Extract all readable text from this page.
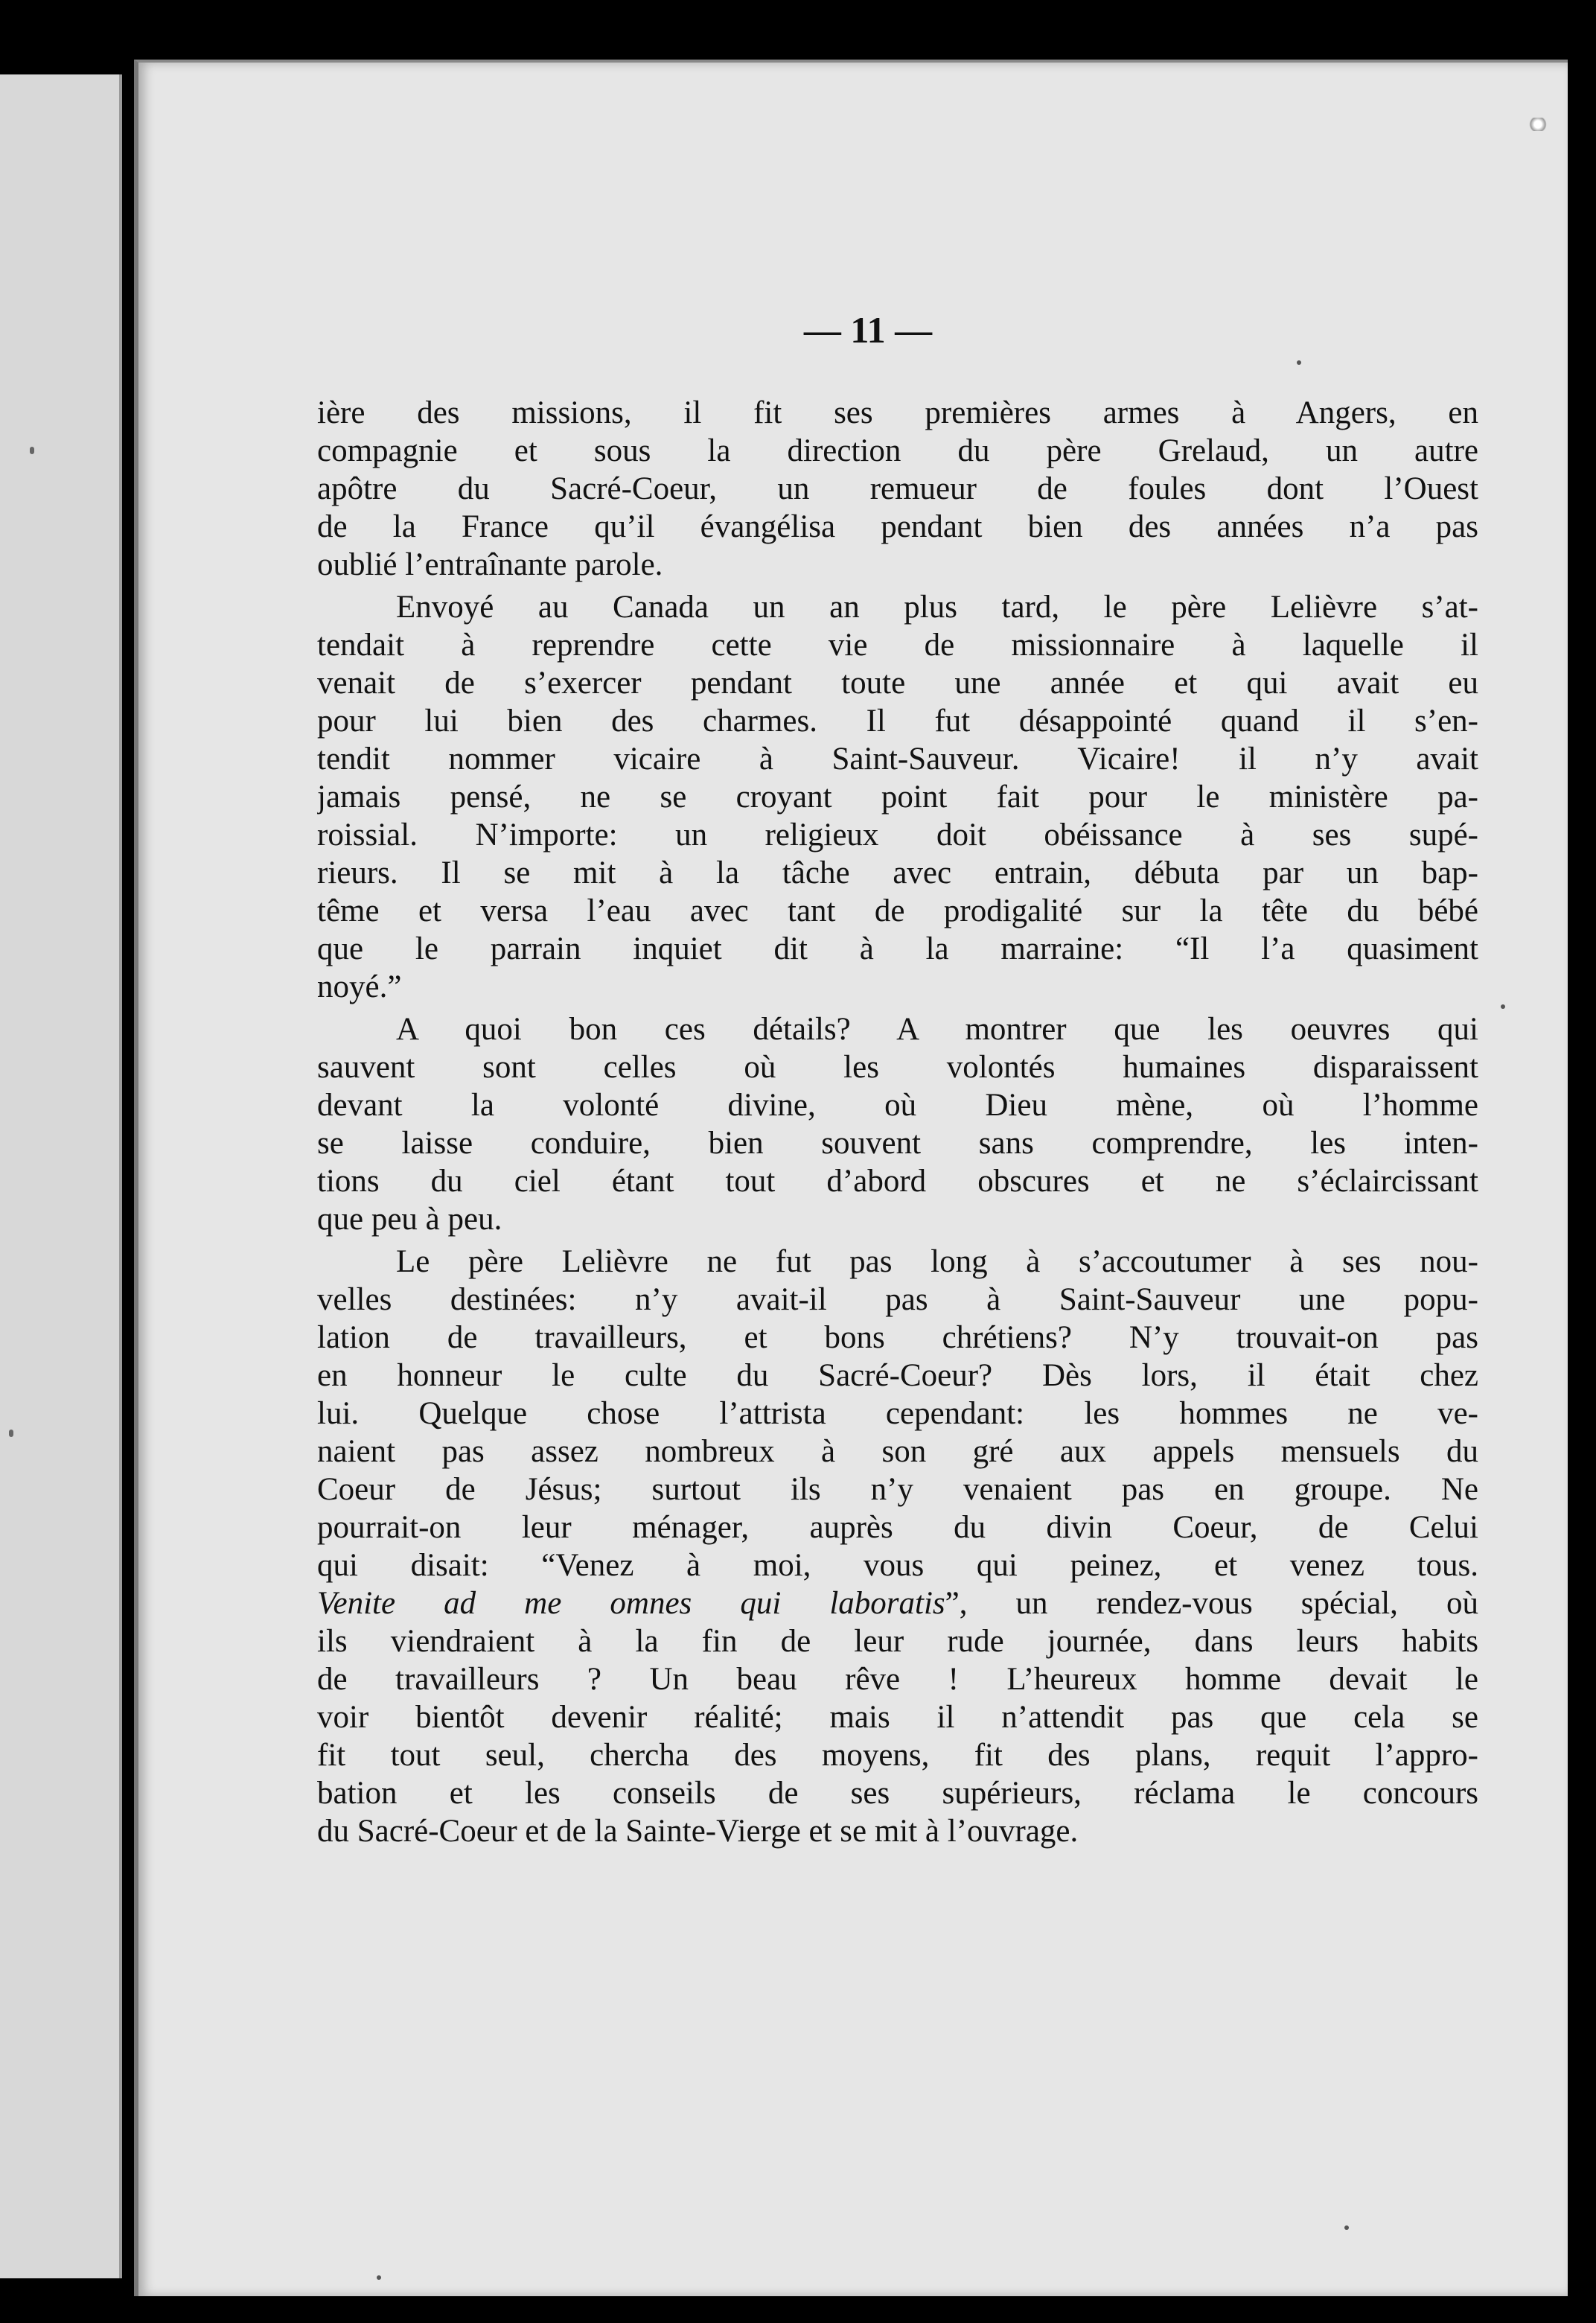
— 11 —
ière des missions, il fit ses premières armes à Angers, en
compagnie et sous la direction du père Grelaud, un autre
apôtre du Sacré-Coeur, un remueur de foules dont l’Ouest
de la France qu’il évangélisa pendant bien des années n’a pas
oublié l’entraînante parole.
Envoyé au Canada un an plus tard, le père Lelièvre s’at-
tendait à reprendre cette vie de missionnaire à laquelle il
venait de s’exercer pendant toute une année et qui avait eu
pour lui bien des charmes. Il fut désappointé quand il s’en-
tendit nommer vicaire à Saint-Sauveur. Vicaire! il n’y avait
jamais pensé, ne se croyant point fait pour le ministère pa-
roissial. N’importe: un religieux doit obéissance à ses supé-
rieurs. Il se mit à la tâche avec entrain, débuta par un bap-
tême et versa l’eau avec tant de prodigalité sur la tête du bébé
que le parrain inquiet dit à la marraine: “Il l’a quasiment
noyé.”
A quoi bon ces détails? A montrer que les oeuvres qui
sauvent sont celles où les volontés humaines disparaissent
devant la volonté divine, où Dieu mène, où l’homme
se laisse conduire, bien souvent sans comprendre, les inten-
tions du ciel étant tout d’abord obscures et ne s’éclaircissant
que peu à peu.
Le père Lelièvre ne fut pas long à s’accoutumer à ses nou-
velles destinées: n’y avait-il pas à Saint-Sauveur une popu-
lation de travailleurs, et bons chrétiens? N’y trouvait-on pas
en honneur le culte du Sacré-Coeur? Dès lors, il était chez
lui. Quelque chose l’attrista cependant: les hommes ne ve-
naient pas assez nombreux à son gré aux appels mensuels du
Coeur de Jésus; surtout ils n’y venaient pas en groupe. Ne
pourrait-on leur ménager, auprès du divin Coeur, de Celui
qui disait: “Venez à moi, vous qui peinez, et venez tous.
Venite ad me omnes qui laboratis”, un rendez-vous spécial, où
ils viendraient à la fin de leur rude journée, dans leurs habits
de travailleurs ? Un beau rêve ! L’heureux homme devait le
voir bientôt devenir réalité; mais il n’attendit pas que cela se
fit tout seul, chercha des moyens, fit des plans, requit l’appro-
bation et les conseils de ses supérieurs, réclama le concours
du Sacré-Coeur et de la Sainte-Vierge et se mit à l’ouvrage.
